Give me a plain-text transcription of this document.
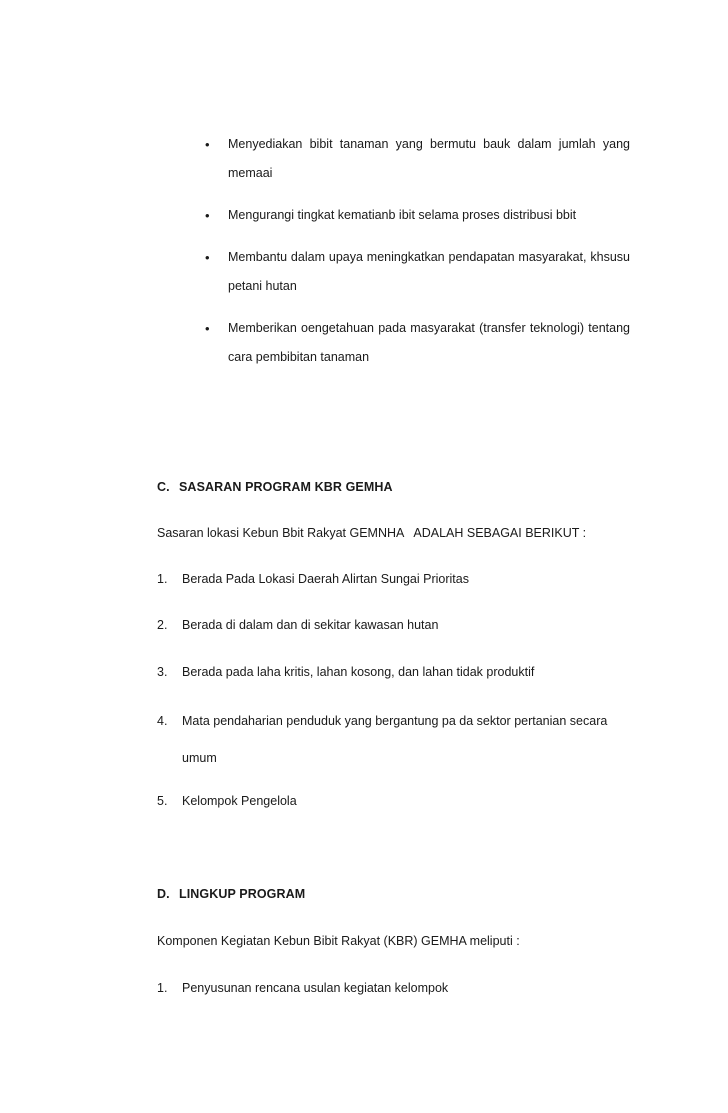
•	Menyediakan bibit tanaman yang bermutu bauk dalam jumlah yang memaai
•	Mengurangi tingkat kematianb ibit selama proses distribusi bbit
•	Membantu dalam upaya meningkatkan pendapatan masyarakat, khsusu petani hutan
•	Memberikan oengetahuan pada masyarakat (transfer teknologi) tentang cara pembibitan tanaman
C. SASARAN PROGRAM KBR GEMHA
Sasaran lokasi Kebun Bbit Rakyat GEMNHA   ADALAH SEBAGAI BERIKUT :
1.	Berada Pada Lokasi Daerah Alirtan Sungai Prioritas
2.	Berada di dalam dan di sekitar kawasan hutan
3.	Berada pada laha kritis, lahan kosong, dan lahan tidak produktif
4.	Mata pendaharian penduduk yang bergantung pa da sektor pertanian secara umum
5.	Kelompok Pengelola
D. LINGKUP PROGRAM
Komponen Kegiatan Kebun Bibit Rakyat (KBR) GEMHA meliputi :
1.	Penyusunan rencana usulan kegiatan kelompok
